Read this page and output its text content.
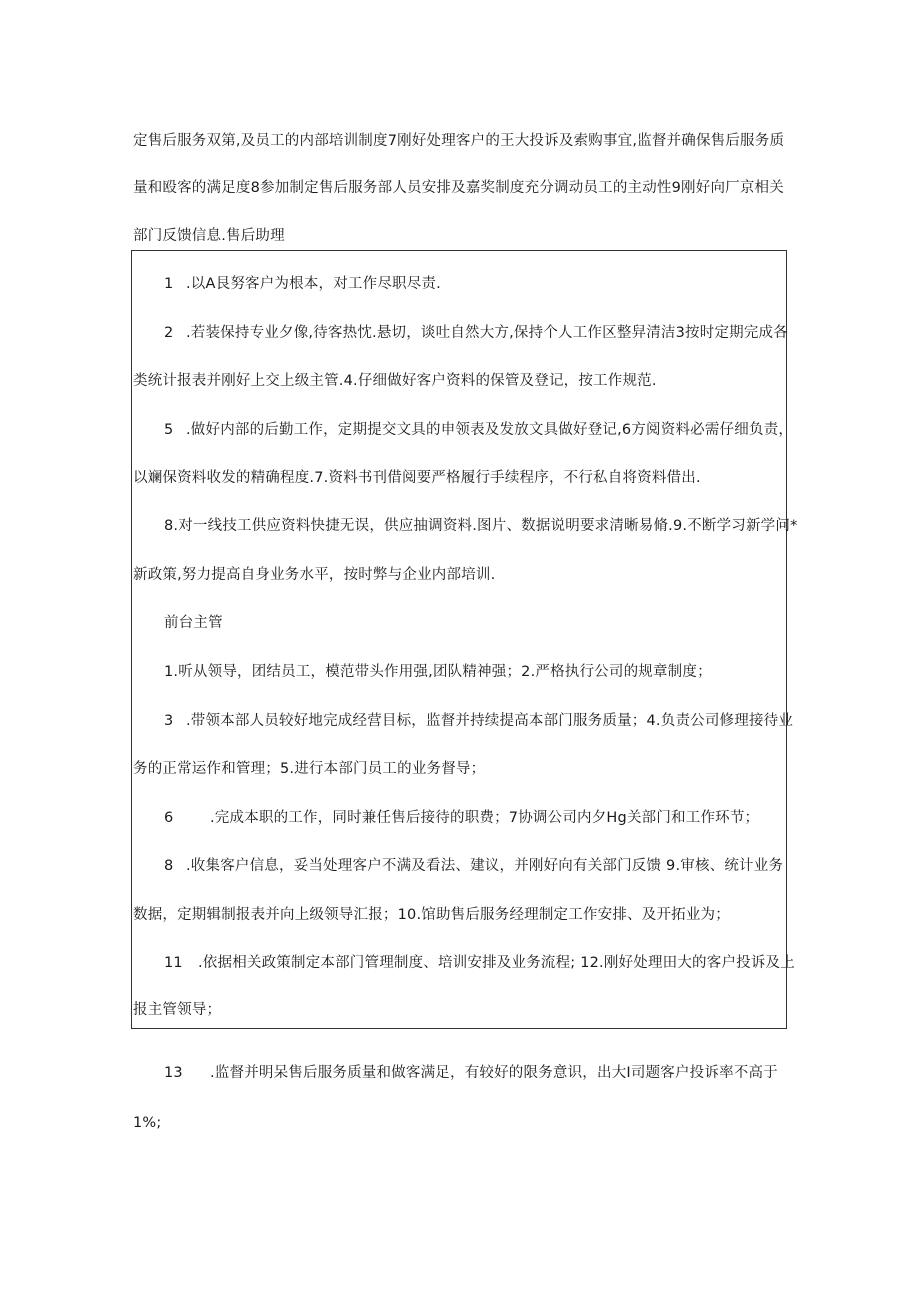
定售后服务双第,及员工的内部培训制度7刚好处理客户的王大投诉及索购事宜,监督并确保售后服务质
量和殴客的满足度8参加制定售后服务部人员安排及嘉奖制度充分调动员工的主动性9刚好向厂京相关
部门反馈信息.售后助理
1 .以A艮努客户为根本，对工作尽职尽责.
2 .若装保持专业夕像,待客热忱.悬切，谈吐自然大方,保持个人工作区整舁清洁3按时定期完成各
类统计报表并刚好上交上级主管.4.仔细做好客户资料的保管及登记，按工作规范.
5 .做好内部的后勤工作，定期提交文具的申领表及发放文具做好登记,6方阅资料必需仔细负责，
以斓保资料收发的精确程度.7.资料书刊借阅要严格履行手续程序，不行私自将资料借出.
8.对一线技工供应资料快捷无误，供应抽调资料.图片、数据说明要求清晰易脩.9.不断学习新学问*
新政策,努力提高自身业务水平，按时弊与企业内部培训.
前台主管
1.听从领导，团结员工，模范带头作用强,团队精神强；2.严格执行公司的规章制度；
3 .带领本部人员较好地完成经营目标，监督并持续提高本部门服务质量；4.负责公司修理接待业
务的正常运作和管理；5.进行本部门员工的业务督导；
6	.完成本职的工作，同时兼任售后接待的职费；7协调公司内夕Hg关部门和工作环节；
8 .收集客户信息，妥当处理客户不满及看法、建议，并刚好向有关部门反馈 9.审核、统计业务
数据，定期辑制报表并向上级领导汇报；10.馆助售后服务经理制定工作安排、及开拓业为；
11 .依据相关政策制定本部门管理制度、培训安排及业务流程; 12.刚好处理田大的客户投诉及上
报主管领导；
13 .监督并明呆售后服务质量和做客满足，有较好的限务意识，出大I司题客户投诉率不高于
1%;
